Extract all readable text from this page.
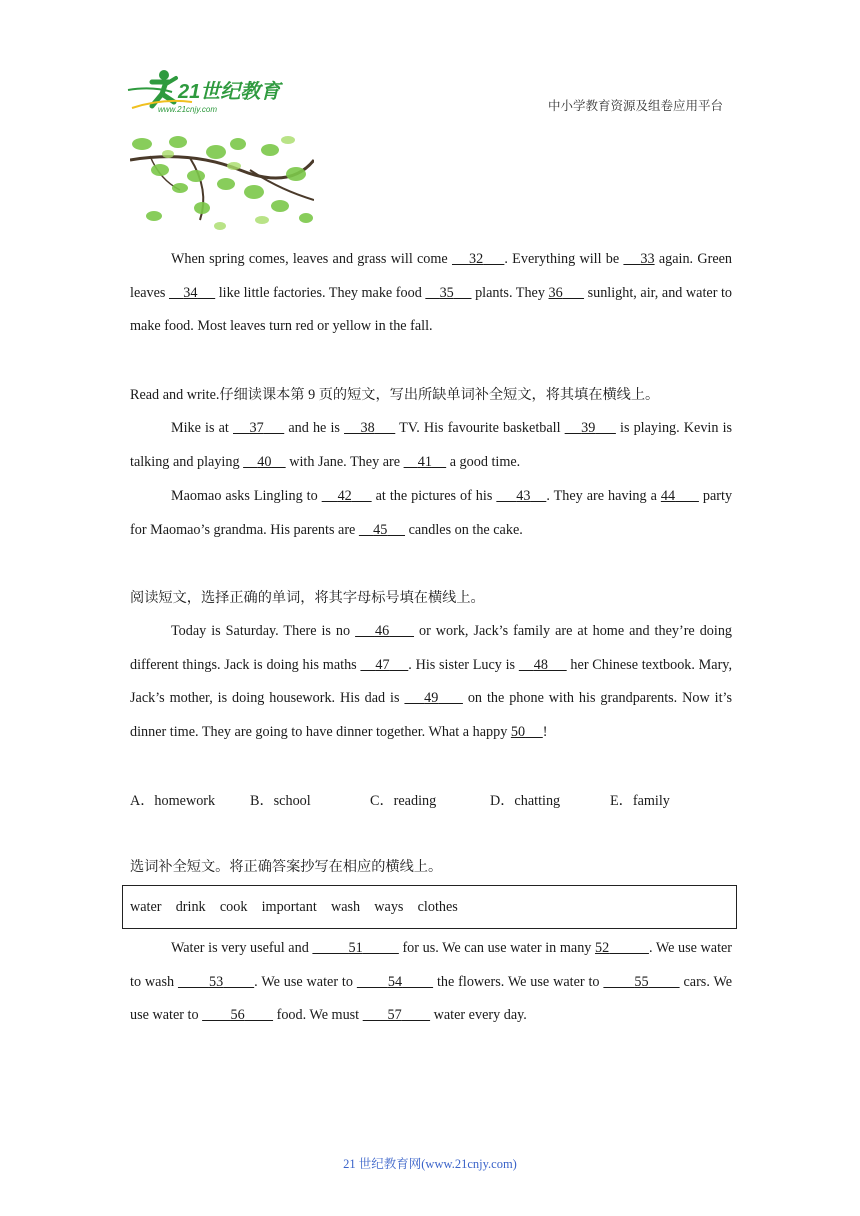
21世纪教育
www.21cnjy.com	中小学教育资源及组卷应用平台
When spring comes, leaves and grass will come     32 . Everything will be     33 again. Green leaves     34      like little factories. They make food     35      plants. They 36       sunlight, air, and water to make food. Most leaves turn red or yellow in the fall.
Read and write.仔细读课本第 9 页的短文，写出所缺单词补全短文，将其填在横线上。
Mike is at     37      and he is     38      TV. His favourite basketball     39      is playing. Kevin is talking and playing     40     with Jane. They are     41     a good time.
Maomao asks Lingling to     42      at the pictures of his      43 . They are having a 44       party for Maomao’s grandma. His parents are     45      candles on the cake.
阅读短文，选择正确的单词，将其字母标号填在横线上。
Today is Saturday. There is no     46      or work, Jack’s family are at home and they’re doing different things. Jack is doing his maths     47 . His sister Lucy is     48      her Chinese textbook. Mary, Jack’s mother, is doing housework. His dad is     49      on the phone with his grandparents. Now it’s dinner time. They are going to have dinner together. What a happy 50 !
A．homework B．school	C．reading	D．chatting	E．family
选词补全短文。将正确答案抄写在相应的横线上。
water    drink    cook    important    wash    ways    clothes
Water is very useful and	51	for us. We can use water in many 52	. We use water to wash         53 . We use water to         54         the flowers. We use water to         55         cars. We use water to         56         food. We must        57         water every day.
21 世纪教育网(www.21cnjy.com)
